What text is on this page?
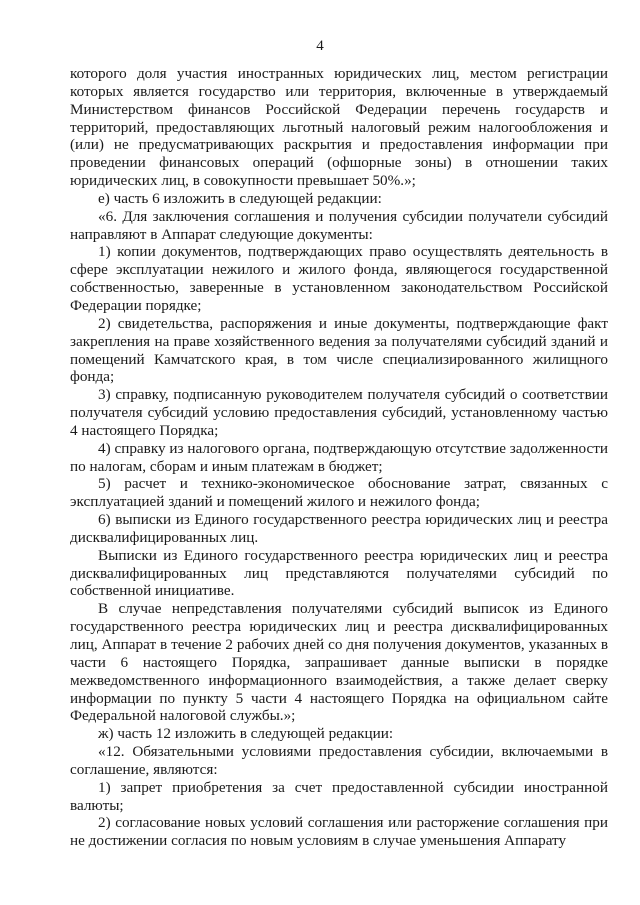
4

которого доля участия иностранных юридических лиц, местом регистрации которых является государство или территория, включенные в утверждаемый Министерством финансов Российской Федерации перечень государств и территорий, предоставляющих льготный налоговый режим налогообложения и (или) не предусматривающих раскрытия и предоставления информации при проведении финансовых операций (офшорные зоны) в отношении таких юридических лиц, в совокупности превышает 50%.»;

е) часть 6 изложить в следующей редакции:

«6. Для заключения соглашения и получения субсидии получатели субсидий направляют в Аппарат следующие документы:

1) копии документов, подтверждающих право осуществлять деятельность в сфере эксплуатации нежилого и жилого фонда, являющегося государственной собственностью, заверенные в установленном законодательством Российской Федерации порядке;

2) свидетельства, распоряжения и иные документы, подтверждающие факт закрепления на праве хозяйственного ведения за получателями субсидий зданий и помещений Камчатского края, в том числе специализированного жилищного фонда;

3) справку, подписанную руководителем получателя субсидий о соответствии получателя субсидий условию предоставления субсидий, установленному частью 4 настоящего Порядка;

4) справку из налогового органа, подтверждающую отсутствие задолженности по налогам, сборам и иным платежам в бюджет;

5) расчет и технико-экономическое обоснование затрат, связанных с эксплуатацией зданий и помещений жилого и нежилого фонда;

6) выписки из Единого государственного реестра юридических лиц и реестра дисквалифицированных лиц.

Выписки из Единого государственного реестра юридических лиц и реестра дисквалифицированных лиц представляются получателями субсидий по собственной инициативе.

В случае непредставления получателями субсидий выписок из Единого государственного реестра юридических лиц и реестра дисквалифицированных лиц, Аппарат в течение 2 рабочих дней со дня получения документов, указанных в части 6 настоящего Порядка, запрашивает данные выписки в порядке межведомственного информационного взаимодействия, а также делает сверку информации по пункту 5 части 4 настоящего Порядка на официальном сайте Федеральной налоговой службы.»;

ж) часть 12 изложить в следующей редакции:

«12. Обязательными условиями предоставления субсидии, включаемыми в соглашение, являются:

1) запрет приобретения за счет предоставленной субсидии иностранной валюты;

2) согласование новых условий соглашения или расторжение соглашения при не достижении согласия по новым условиям в случае уменьшения Аппарату
